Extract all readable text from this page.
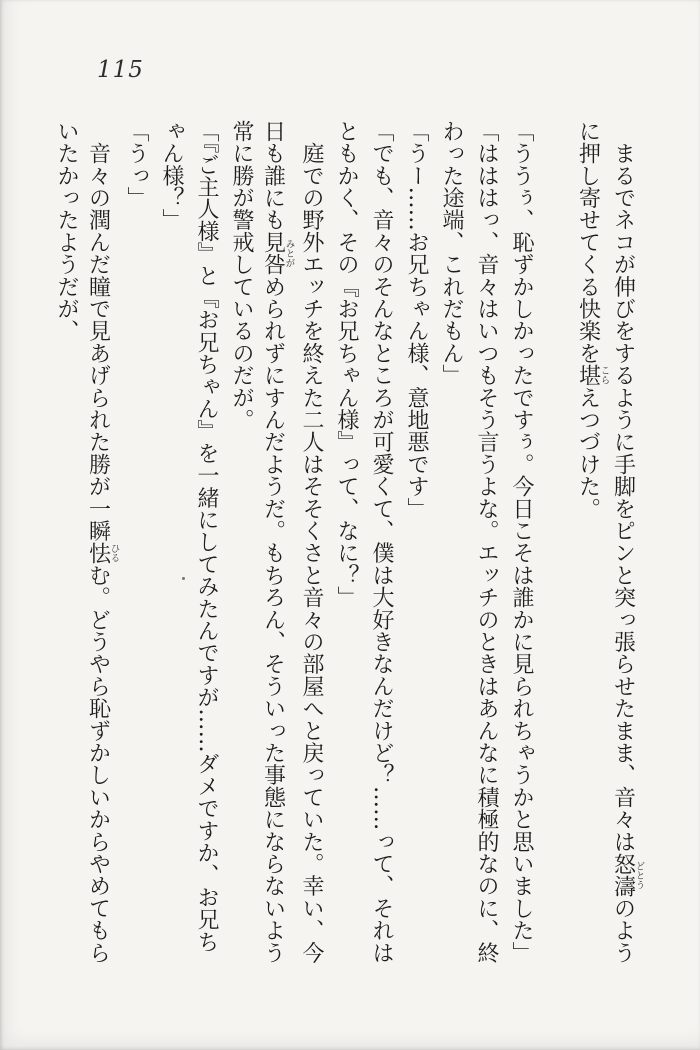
115
　まるでネコが伸びをするように手脚をピンと突っ張らせたまま、音々は怒濤どとうのよう
に押し寄せてくる快楽を堪こらえつづけた。
「ううぅ、恥ずかしかったですぅ。今日こそは誰かに見られちゃうかと思いました」
「はははっ、音々はいつもそう言うよな。エッチのときはあんなに積極的なのに、終
わった途端、これだもん」
「うー……お兄ちゃん様、意地悪です」
「でも、音々のそんなところが可愛くて、僕は大好きなんだけど？……って、それは
ともかく、その『お兄ちゃん様』って、なに？」
　庭での野外エッチを終えた二人はそそくさと音々の部屋へと戻っていた。幸い、今
日も誰にも見咎みとがめられずにすんだようだ。もちろん、そういった事態にならないよう
常に勝が警戒しているのだが。
「『ご主人様』と『お兄ちゃん』を一緒にしてみたんですが……ダメですか、お兄ち
ゃん様？」
「うっ」
　音々の潤んだ瞳で見あげられた勝が一瞬怯ひるむ。どうやら恥ずかしいからやめてもら
いたかったようだが、
